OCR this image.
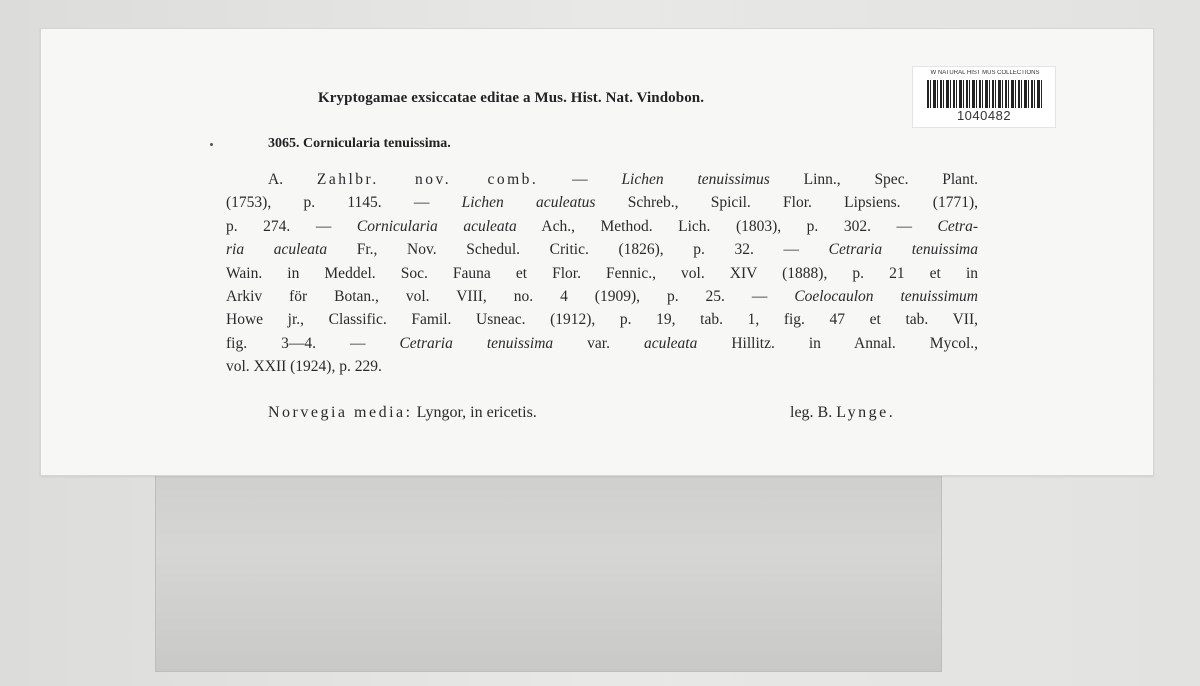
Kryptogamae exsiccatae editae a Mus. Hist. Nat. Vindobon.
W NATURAL HIST MUS COLLECTIONS
1040482
3065. Cornicularia tenuissima.
A. Zahlbr. nov. comb. — Lichen tenuissimus Linn., Spec. Plant.
(1753), p. 1145. — Lichen aculeatus Schreb., Spicil. Flor. Lipsiens. (1771),
p. 274. — Cornicularia aculeata Ach., Method. Lich. (1803), p. 302. — Cetra-
ria aculeata Fr., Nov. Schedul. Critic. (1826), p. 32. — Cetraria tenuissima
Wain. in Meddel. Soc. Fauna et Flor. Fennic., vol. XIV (1888), p. 21 et in
Arkiv för Botan., vol. VIII, no. 4 (1909), p. 25. — Coelocaulon tenuissimum
Howe jr., Classific. Famil. Usneac. (1912), p. 19, tab. 1, fig. 47 et tab. VII,
fig. 3—4. — Cetraria tenuissima var. aculeata Hillitz. in Annal. Mycol.,
vol. XXII (1924), p. 229.
Norvegia media: Lyngor, in ericetis.	leg. B. Lynge.
